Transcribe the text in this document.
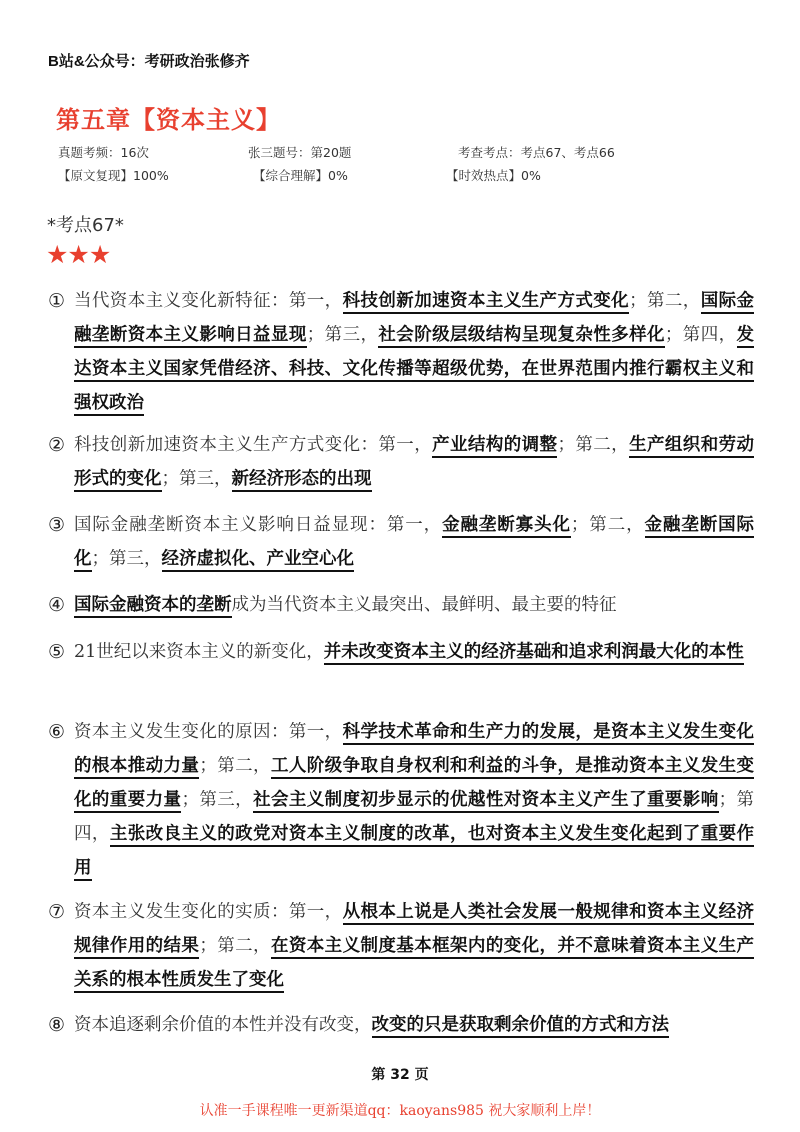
B站&公众号：考研政治张修齐
第五章【资本主义】
真题考频：16次	张三题号：第20题	考查考点：考点67、考点66
【原文复现】100%	【综合理解】0%	【时效热点】0%
*考点67*
★★★
① 当代资本主义变化新特征：第一，科技创新加速资本主义生产方式变化；第二，国际金融垄断资本主义影响日益显现；第三，社会阶级层级结构呈现复杂性多样化；第四，发达资本主义国家凭借经济、科技、文化传播等超级优势，在世界范围内推行霸权主义和强权政治
② 科技创新加速资本主义生产方式变化：第一，产业结构的调整；第二，生产组织和劳动形式的变化；第三，新经济形态的出现
③ 国际金融垄断资本主义影响日益显现：第一，金融垄断寡头化；第二，金融垄断国际化；第三，经济虚拟化、产业空心化
④ 国际金融资本的垄断成为当代资本主义最突出、最鲜明、最主要的特征
⑤ 21世纪以来资本主义的新变化，并未改变资本主义的经济基础和追求利润最大化的本性
⑥ 资本主义发生变化的原因：第一，科学技术革命和生产力的发展，是资本主义发生变化的根本推动力量；第二，工人阶级争取自身权利和利益的斗争，是推动资本主义发生变化的重要力量；第三，社会主义制度初步显示的优越性对资本主义产生了重要影响；第四，主张改良主义的政党对资本主义制度的改革，也对资本主义发生变化起到了重要作用
⑦ 资本主义发生变化的实质：第一，从根本上说是人类社会发展一般规律和资本主义经济规律作用的结果；第二，在资本主义制度基本框架内的变化，并不意味着资本主义生产关系的根本性质发生了变化
⑧ 资本追逐剩余价值的本性并没有改变，改变的只是获取剩余价值的方式和方法
第 32 页
认准一手课程唯一更新渠道qq：kaoyans985 祝大家顺利上岸！
